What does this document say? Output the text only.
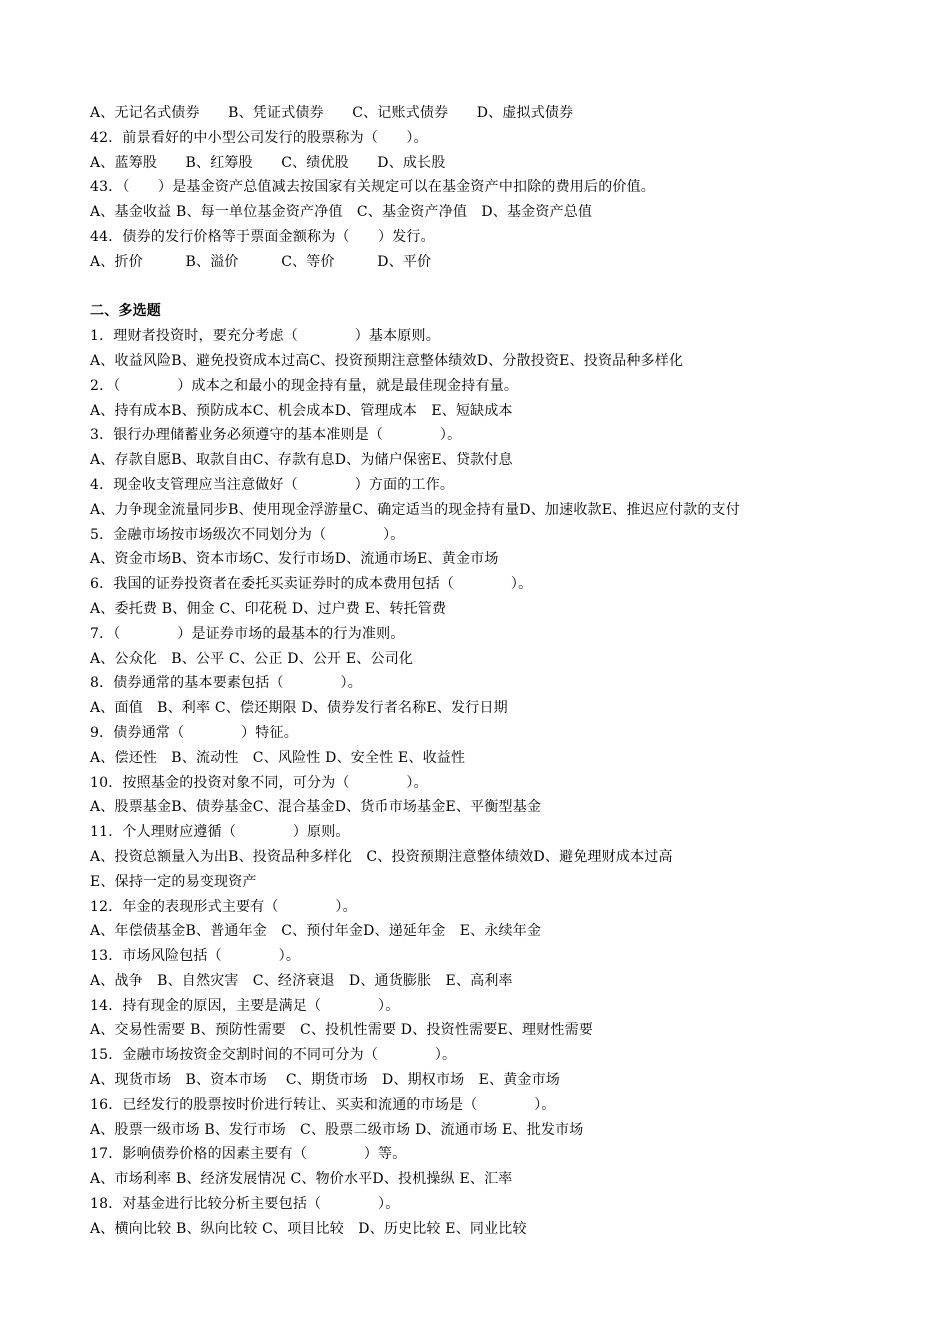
A、无记名式债券　　B、凭证式债券　　C、记账式债券　　D、虚拟式债券
42．前景看好的中小型公司发行的股票称为（　　）。
A、蓝筹股　　B、红筹股　　C、绩优股　　D、成长股
43．（　　）是基金资产总值减去按国家有关规定可以在基金资产中扣除的费用后的价值。
A、基金收益 B、每一单位基金资产净值　C、基金资产净值　D、基金资产总值
44．债券的发行价格等于票面金额称为（　　）发行。
A、折价　　　B、溢价　　　C、等价　　　D、平价
二、多选题
1．理财者投资时，要充分考虑（　　　　）基本原则。
A、收益风险B、避免投资成本过高C、投资预期注意整体绩效D、分散投资E、投资品种多样化
2．（　　　　）成本之和最小的现金持有量，就是最佳现金持有量。
A、持有成本B、预防成本C、机会成本D、管理成本　E、短缺成本
3．银行办理储蓄业务必须遵守的基本准则是（　　　　）。
A、存款自愿B、取款自由C、存款有息D、为储户保密E、贷款付息
4．现金收支管理应当注意做好（　　　　）方面的工作。
A、力争现金流量同步B、使用现金浮游量C、确定适当的现金持有量D、加速收款E、推迟应付款的支付
5．金融市场按市场级次不同划分为（　　　　）。
A、资金市场B、资本市场C、发行市场D、流通市场E、黄金市场
6．我国的证券投资者在委托买卖证券时的成本费用包括（　　　　）。
A、委托费 B、佣金 C、印花税 D、过户费 E、转托管费
7．（　　　　）是证券市场的最基本的行为准则。
A、公众化　B、公平 C、公正 D、公开 E、公司化
8．债券通常的基本要素包括（　　　　）。
A、面值　B、利率 C、偿还期限 D、债券发行者名称E、发行日期
9．债券通常（　　　　）特征。
A、偿还性　B、流动性　C、风险性 D、安全性 E、收益性
10．按照基金的投资对象不同，可分为（　　　　）。
A、股票基金B、债券基金C、混合基金D、货币市场基金E、平衡型基金
11．个人理财应遵循（　　　　）原则。
A、投资总额量入为出B、投资品种多样化　C、投资预期注意整体绩效D、避免理财成本过高
E、保持一定的易变现资产
12．年金的表现形式主要有（　　　　）。
A、年偿债基金B、普通年金　C、预付年金D、递延年金　E、永续年金
13．市场风险包括（　　　　）。
A、战争　B、自然灾害　C、经济衰退　D、通货膨胀　E、高利率
14．持有现金的原因，主要是满足（　　　　）。
A、交易性需要 B、预防性需要　C、投机性需要 D、投资性需要E、理财性需要
15．金融市场按资金交割时间的不同可分为（　　　　）。
A、现货市场　B、资本市场　 C、期货市场　D、期权市场　E、黄金市场
16．已经发行的股票按时价进行转让、买卖和流通的市场是（　　　　）。
A、股票一级市场 B、发行市场　C、股票二级市场 D、流通市场 E、批发市场
17．影响债券价格的因素主要有（　　　　）等。
A、市场利率 B、经济发展情况 C、物价水平D、投机操纵 E、汇率
18．对基金进行比较分析主要包括（　　　　）。
A、横向比较 B、纵向比较 C、项目比较　D、历史比较 E、同业比较
